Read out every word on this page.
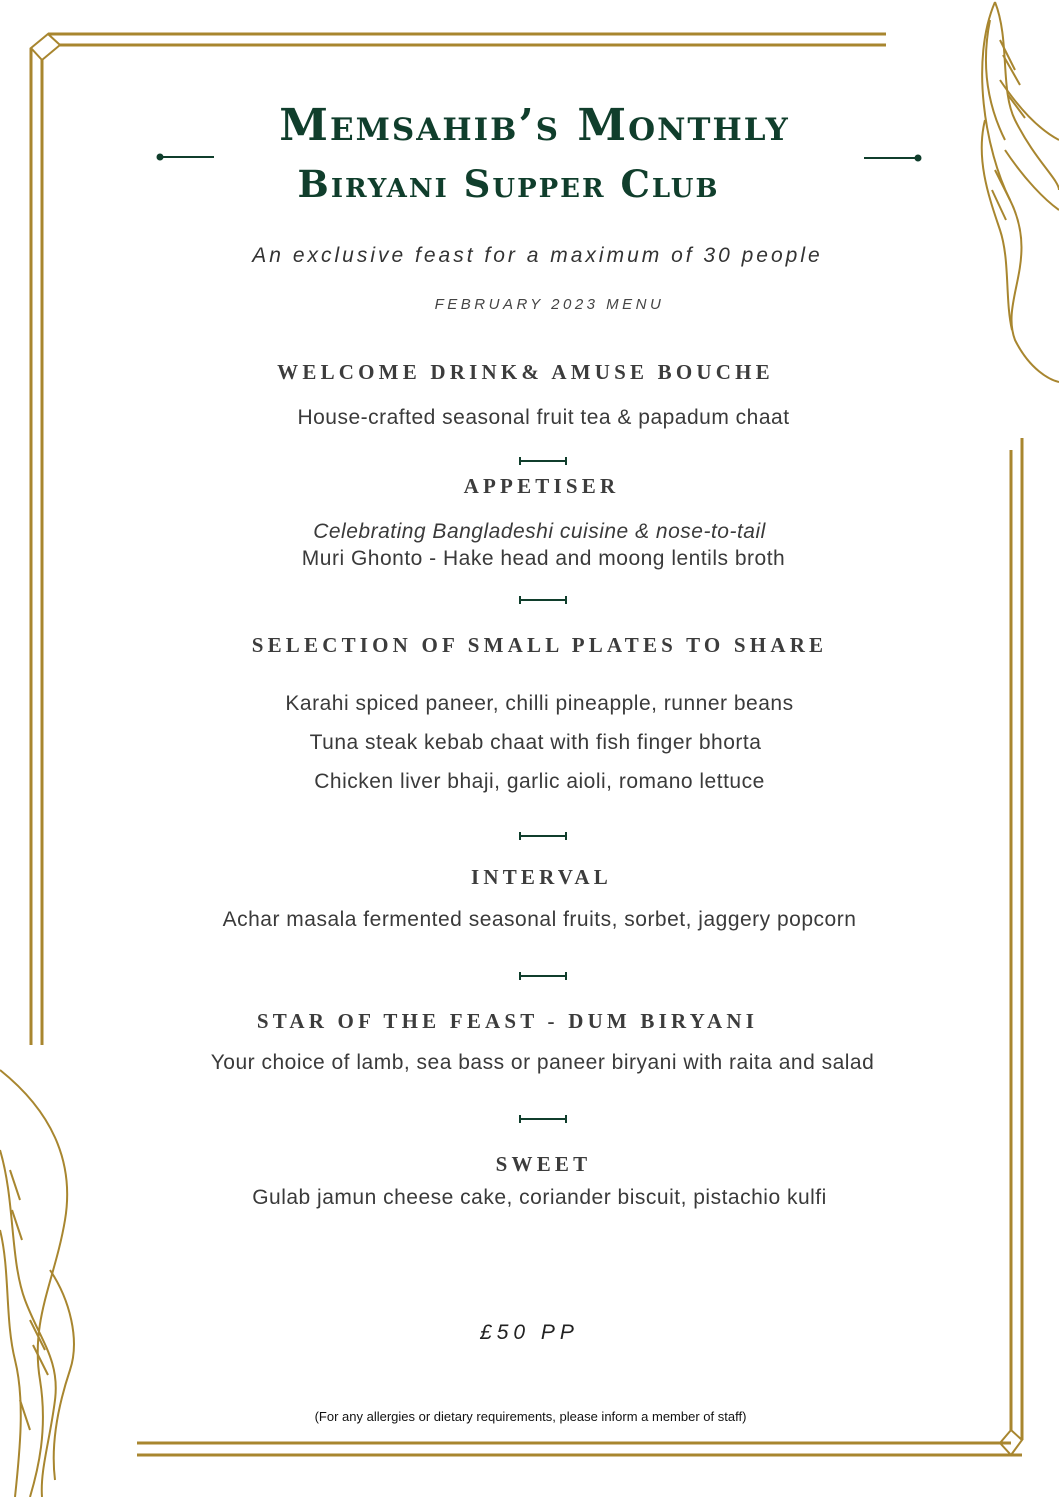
Memsahib’s Monthly
Biryani Supper Club

An exclusive feast for a maximum of 30 people

FEBRUARY 2023 MENU

WELCOME DRINK& AMUSE BOUCHE

House-crafted seasonal fruit tea & papadum chaat

APPETISER

Celebrating Bangladeshi cuisine & nose-to-tail

Muri Ghonto - Hake head and moong lentils broth

SELECTION OF SMALL PLATES TO SHARE

Karahi spiced paneer, chilli pineapple, runner beans

Tuna steak kebab chaat with fish finger bhorta

Chicken liver bhaji, garlic aioli, romano lettuce

INTERVAL

Achar masala fermented seasonal fruits, sorbet, jaggery popcorn

STAR OF THE FEAST - DUM BIRYANI

Your choice of lamb, sea bass or paneer biryani with raita and salad

SWEET

Gulab jamun cheese cake, coriander biscuit, pistachio kulfi

£50 PP

(For any allergies or dietary requirements, please inform a member of staff)
